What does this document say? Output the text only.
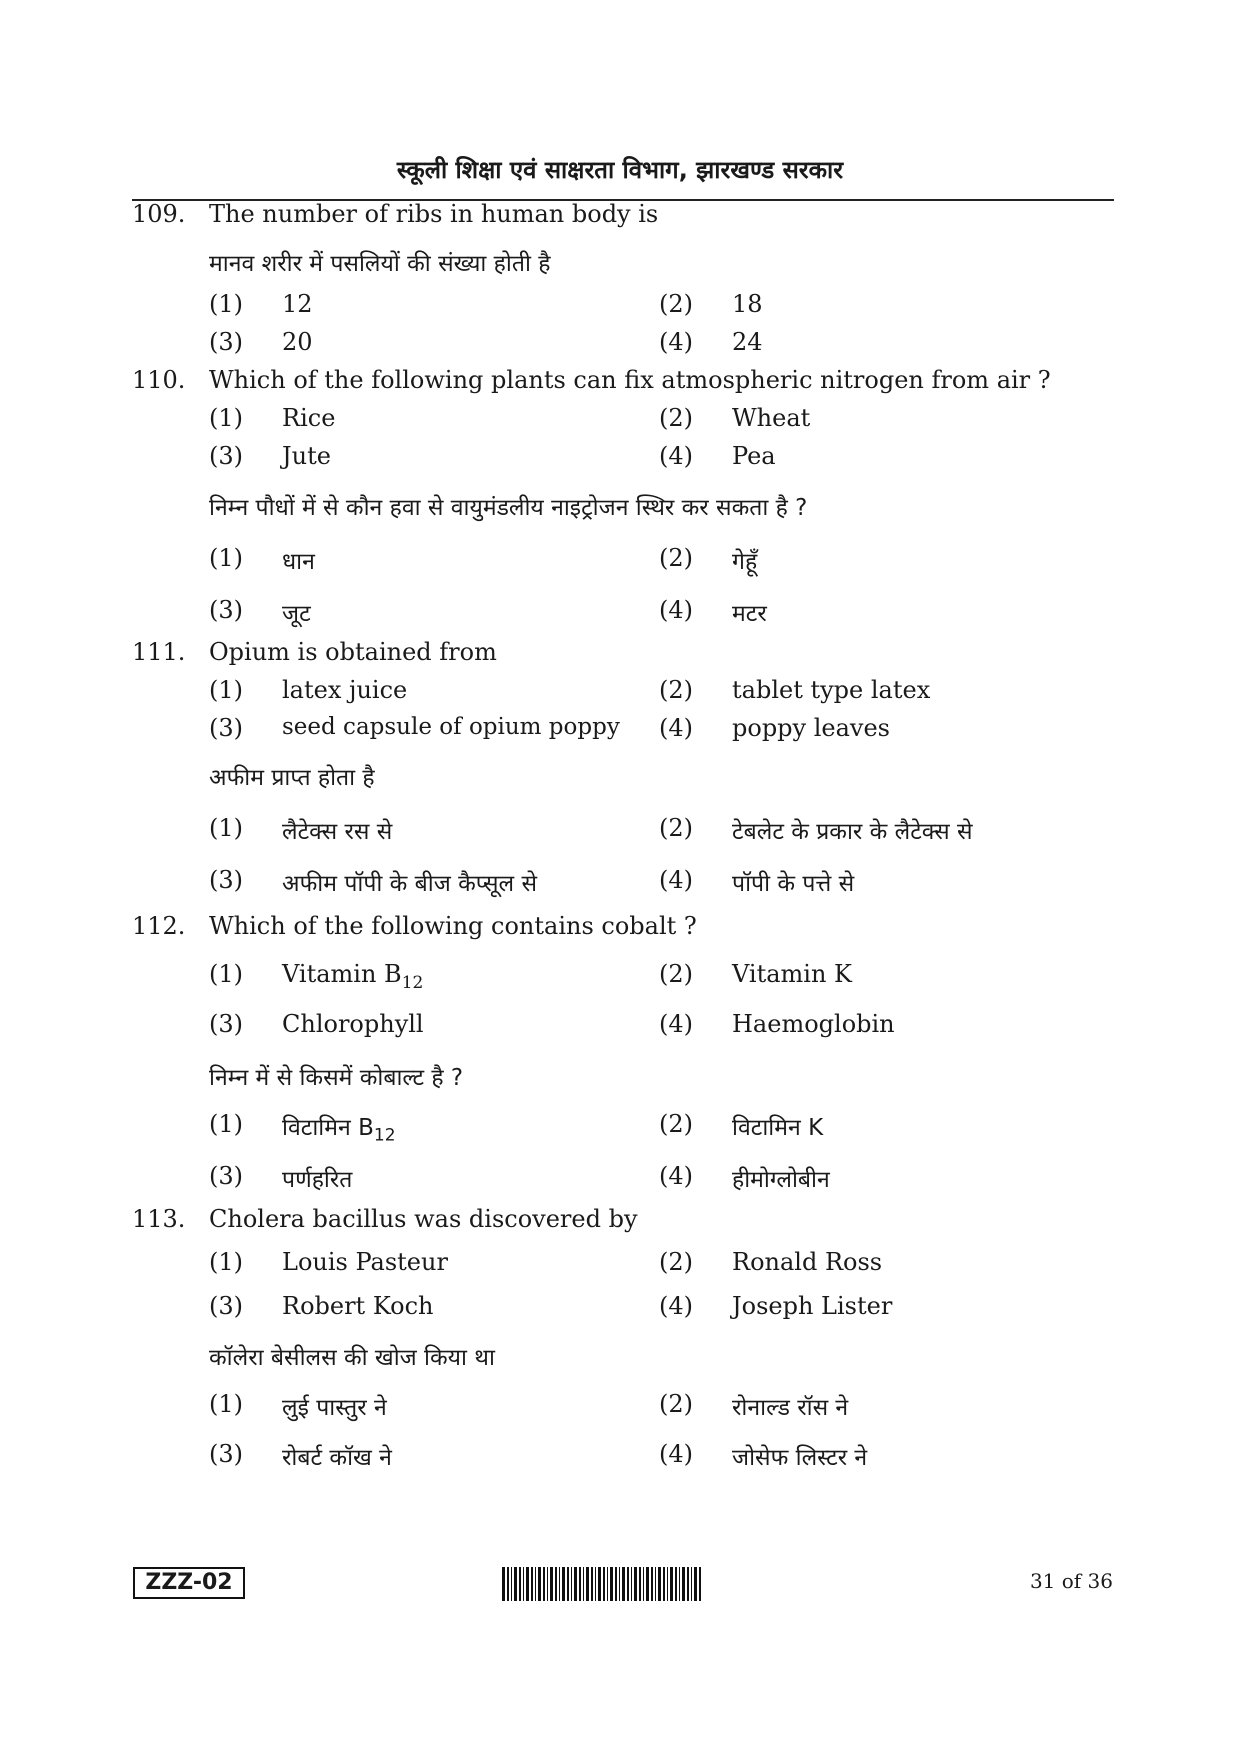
स्कूली शिक्षा एवं साक्षरता विभाग, झारखण्ड सरकार
109. The number of ribs in human body is
मानव शरीर में पसलियों की संख्या होती है
(1) 12	(2) 18
(3) 20	(4) 24
110. Which of the following plants can fix atmospheric nitrogen from air ?
(1) Rice	(2) Wheat
(3) Jute	(4) Pea
निम्न पौधों में से कौन हवा से वायुमंडलीय नाइट्रोजन स्थिर कर सकता है ?
(1) धान	(2) गेहूँ
(3) जूट	(4) मटर
111. Opium is obtained from
(1) latex juice	(2) tablet type latex
(3) seed capsule of opium poppy (4) poppy leaves
अफीम प्राप्त होता है
(1) लैटेक्स रस से	(2) टेबलेट के प्रकार के लैटेक्स से
(3) अफीम पॉपी के बीज कैप्सूल से	(4) पॉपी के पत्ते से
112. Which of the following contains cobalt ?
(1) Vitamin $B_{12}$	(2) Vitamin K
(3) Chlorophyll	(4) Haemoglobin
निम्न में से किसमें कोबाल्ट है ?
(1) विटामिन $B_{12}$	(2) विटामिन K
(3) पर्णहरित	(4) हीमोग्लोबीन
113. Cholera bacillus was discovered by
(1) Louis Pasteur	(2) Ronald Ross
(3) Robert Koch	(4) Joseph Lister
कॉलेरा बेसीलस की खोज किया था
(1) लुई पास्तुर ने	(2) रोनाल्ड रॉस ने
(3) रोबर्ट कॉख ने	(4) जोसेफ लिस्टर ने
ZZZ-02	31 of 36
